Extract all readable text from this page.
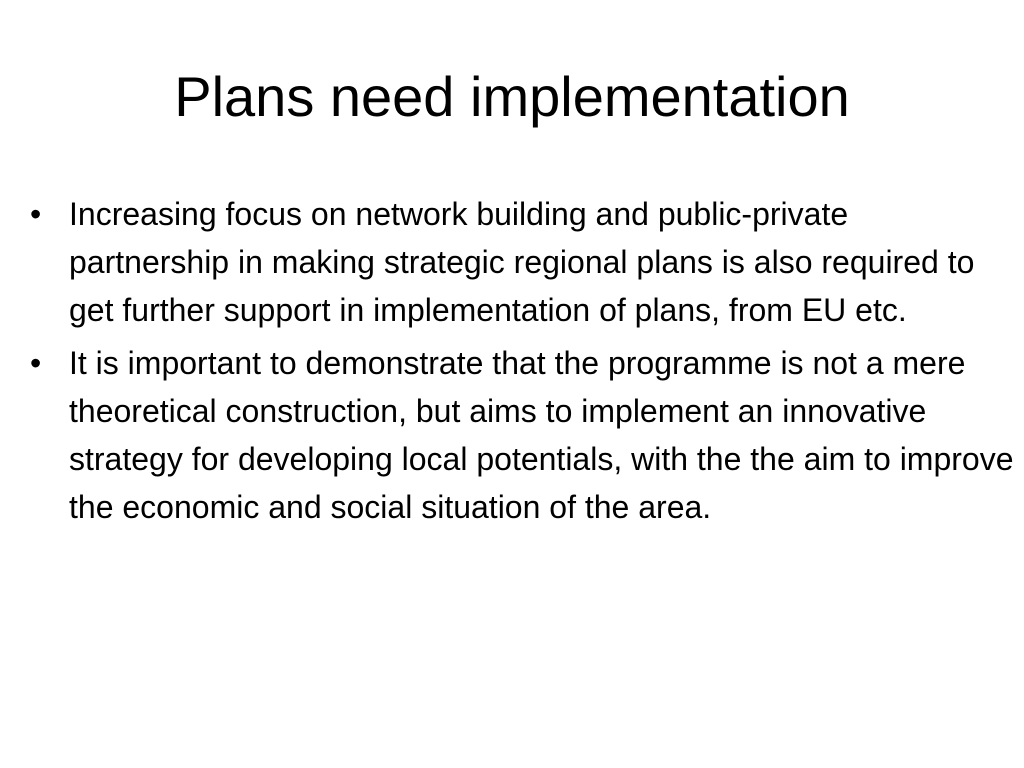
Plans need implementation
• Increasing focus on network building and public-private partnership in making strategic regional plans is also required to get further support in implementation of plans, from EU etc.
• It is important to demonstrate that the programme is not a mere theoretical construction, but aims to implement an innovative strategy for developing local potentials, with the the aim to improve the economic and social situation of the area.
